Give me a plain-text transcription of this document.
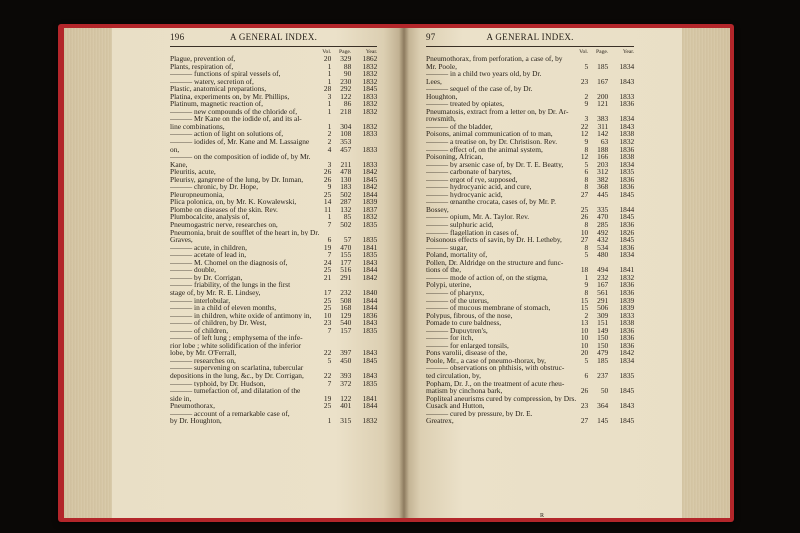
196	A GENERAL INDEX.
Vol.	Page.	Year.
Plague, prevention of,	20	329	1862
Plants, respiration of,	1	88	1832
——— functions of spiral vessels of,	1	90	1832
——— watery, secretion of,	1	230	1832
Plastic, anatomical preparations,	28	292	1845
Platina, experiments on, by Mr. Phillips,	3	122	1833
Platinum, magnetic reaction of,	1	86	1832
——— new compounds of the chloride of,	1	218	1832
——— Mr Kane on the iodide of, and its al-
line combinations,	1	304	1832
——— action of light on solutions of,	2	108	1833
——— iodides of, Mr. Kane and M. Lassaigne	2	353
on,	4	457	1833
——— on the composition of iodide of, by Mr.
Kane,	3	211	1833
Pleuritis, acute,	26	478	1842
Pleurisy, gangrene of the lung, by Dr. Inman,	26	130	1845
——— chronic, by Dr. Hope,	9	183	1842
Pleuropneumonia,	25	502	1844
Plica polonica, on, by Mr. K. Kowalewski,	14	287	1839
Plombe on diseases of the skin. Rev.	11	132	1837
Plumbocalcite, analysis of,	1	85	1832
Pneumogastric nerve, researches on,	7	502	1835
Pneumonia, bruit de soufflet of the heart in, by Dr.
Graves,	6	57	1835
——— acute, in children,	19	470	1841
——— acetate of lead in,	7	155	1835
——— M. Chomel on the diagnosis of,	24	177	1843
——— double,	25	516	1844
——— by Dr. Corrigan,	21	291	1842
——— friability, of the lungs in the first
stage of, by Mr. R. E. Lindsey,	17	232	1840
——— interlobular,	25	508	1844
——— in a child of eleven months,	25	168	1844
——— in children, white oxide of antimony in,	10	129	1836
——— of children, by Dr. West,	23	540	1843
——— of children,	7	157	1835
——— of left lung ; emphysema of the infe-
rior lobe ; white solidification of the inferior
lobe, by Mr. O'Ferrall,	22	397	1843
——— researches on,	5	450	1845
——— supervening on scarlatina, tubercular
depositions in the lung, &c., by Dr. Corrigan,	22	393	1843
——— typhoid, by Dr. Hudson,	7	372	1835
——— tumefaction of, and dilatation of the
side in,	19	122	1841
Pneumothorax,	25	401	1844
——— account of a remarkable case of,
by Dr. Houghton,	1	315	1832
A GENERAL INDEX.
97
Vol.	Page.	Year.
Pneumothorax, from perforation, a case of, by
Mr. Poole,	5	185	1834
——— in a child two years old, by Dr.
Lees,	23	167	1843
——— sequel of the case of, by Dr.
Houghton,	2	200	1833
——— treated by opiates,	9	121	1836
Pneumatosis, extract from a letter on, by Dr. Ar-
rowsmith,	3	383	1834
——— of the bladder,	22	311	1843
Poisons, animal communication of to man,	12	142	1838
——— a treatise on, by Dr. Christison. Rev.	9	63	1832
——— effect of, on the animal system,	8	188	1836
Poisoning, African,	12	166	1838
——— by arsenic case of, by Dr. T. E. Beatty,	5	203	1834
——— carbonate of barytes,	6	312	1835
——— ergot of rye, supposed,	8	382	1836
——— hydrocyanic acid, and cure,	8	368	1836
——— hydrocyanic acid,	27	445	1845
——— œnanthe crocata, cases of, by Mr. P.
Bossey,	25	335	1844
——— opium, Mr. A. Taylor. Rev.	26	470	1845
——— sulphuric acid,	8	285	1836
——— flagellation in cases of,	10	492	1826
Poisonous effects of savin, by Dr. H. Letheby,	27	432	1845
——— sugar,	8	534	1836
Poland, mortality of,	5	480	1834
Pollen, Dr. Aldridge on the structure and func-
tions of the,	18	494	1841
——— mode of action of, on the stigma,	1	232	1832
Polypi, uterine,	9	167	1836
——— of pharynx,	8	561	1836
——— of the uterus,	15	291	1839
——— of mucous membrane of stomach,	15	506	1839
Polypus, fibrous, of the nose,	2	309	1833
Pomade to cure baldness,	13	151	1838
——— Dupuytren's,	10	149	1836
——— for itch,	10	150	1836
——— for enlarged tonsils,	10	150	1836
Pons varolii, disease of the,	20	479	1842
Poole, Mr., a case of pneumo-thorax, by,	5	185	1834
——— observations on phthisis, with obstruc-
ted circulation, by,	6	237	1835
Popham, Dr. J., on the treatment of acute rheu-
matism by cinchona bark,	26	50	1845
Popliteal aneurisms cured by compression, by Drs.
Cusack and Hutton,	23	364	1843
——— cured by pressure, by Dr. E.
Greatrex,	27	145	1845
R
